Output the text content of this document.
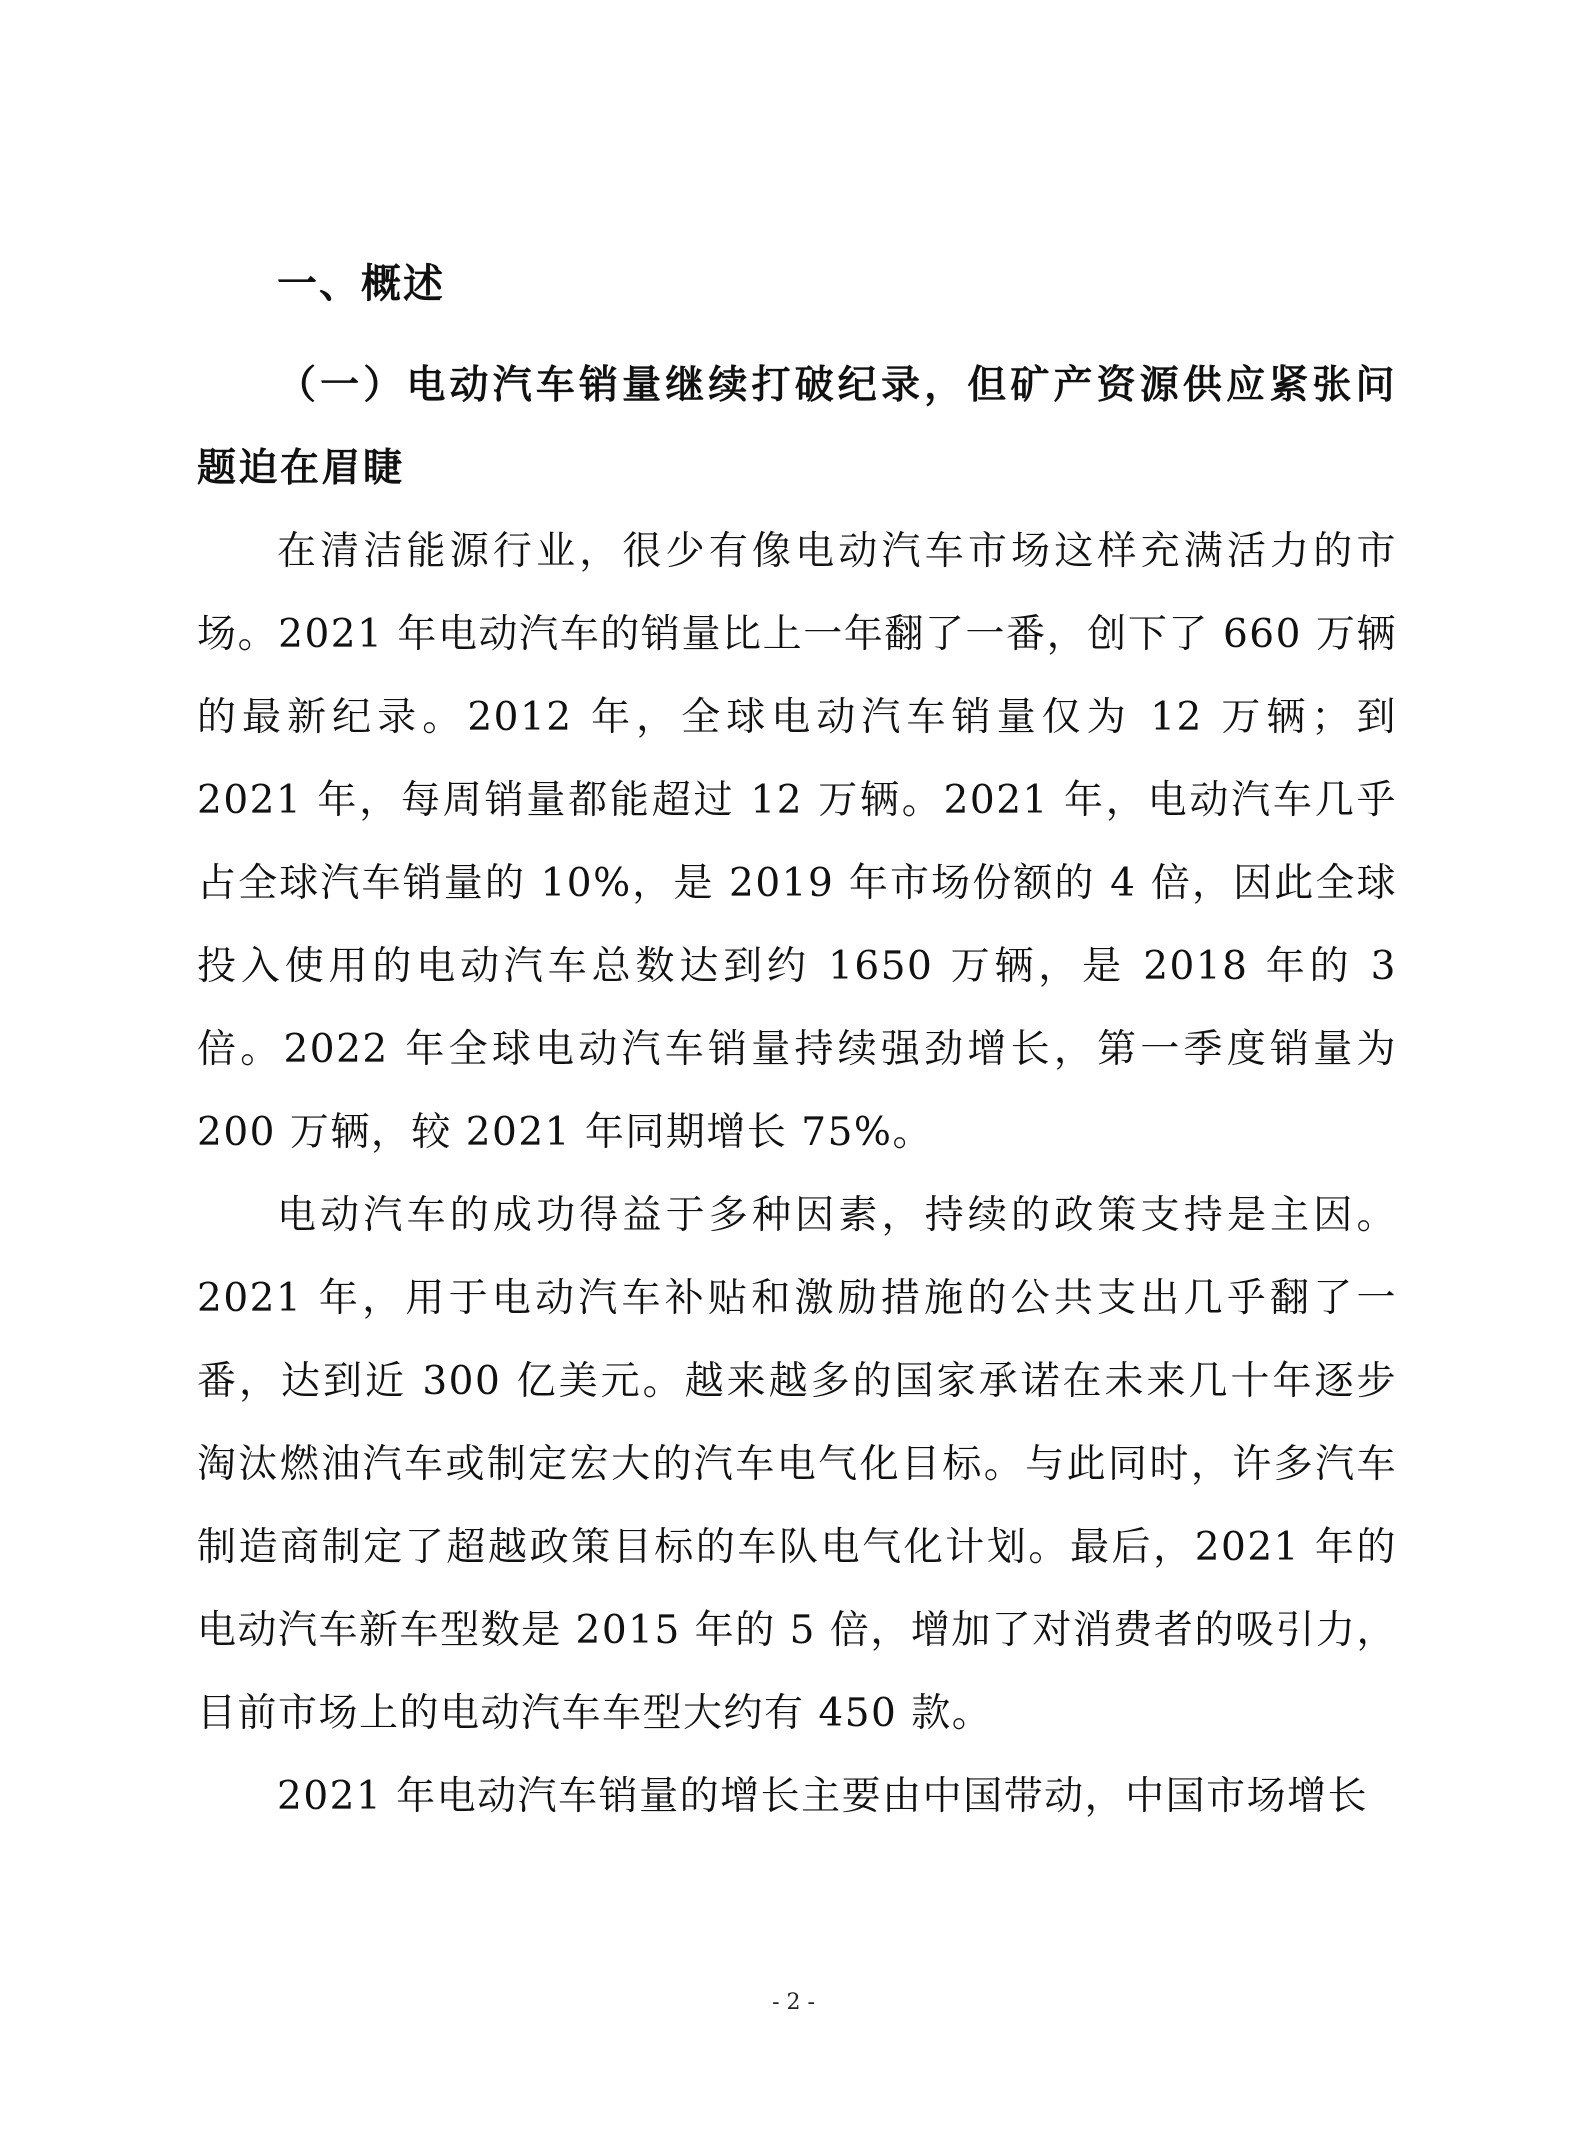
一、概述
（一）电动汽车销量继续打破纪录，但矿产资源供应紧张问题迫在眉睫

在清洁能源行业，很少有像电动汽车市场这样充满活力的市场。2021 年电动汽车的销量比上一年翻了一番，创下了 660 万辆的最新纪录。2012 年，全球电动汽车销量仅为 12 万辆；到 2021 年，每周销量都能超过 12 万辆。2021 年，电动汽车几乎占全球汽车销量的 10%，是 2019 年市场份额的 4 倍，因此全球投入使用的电动汽车总数达到约 1650 万辆，是 2018 年的 3 倍。2022 年全球电动汽车销量持续强劲增长，第一季度销量为 200 万辆，较 2021 年同期增长 75%。

电动汽车的成功得益于多种因素，持续的政策支持是主因。2021 年，用于电动汽车补贴和激励措施的公共支出几乎翻了一番，达到近 300 亿美元。越来越多的国家承诺在未来几十年逐步淘汰燃油汽车或制定宏大的汽车电气化目标。与此同时，许多汽车制造商制定了超越政策目标的车队电气化计划。最后，2021 年的电动汽车新车型数是 2015 年的 5 倍，增加了对消费者的吸引力，目前市场上的电动汽车车型大约有 450 款。

2021 年电动汽车销量的增长主要由中国带动，中国市场增长

- 2 -
